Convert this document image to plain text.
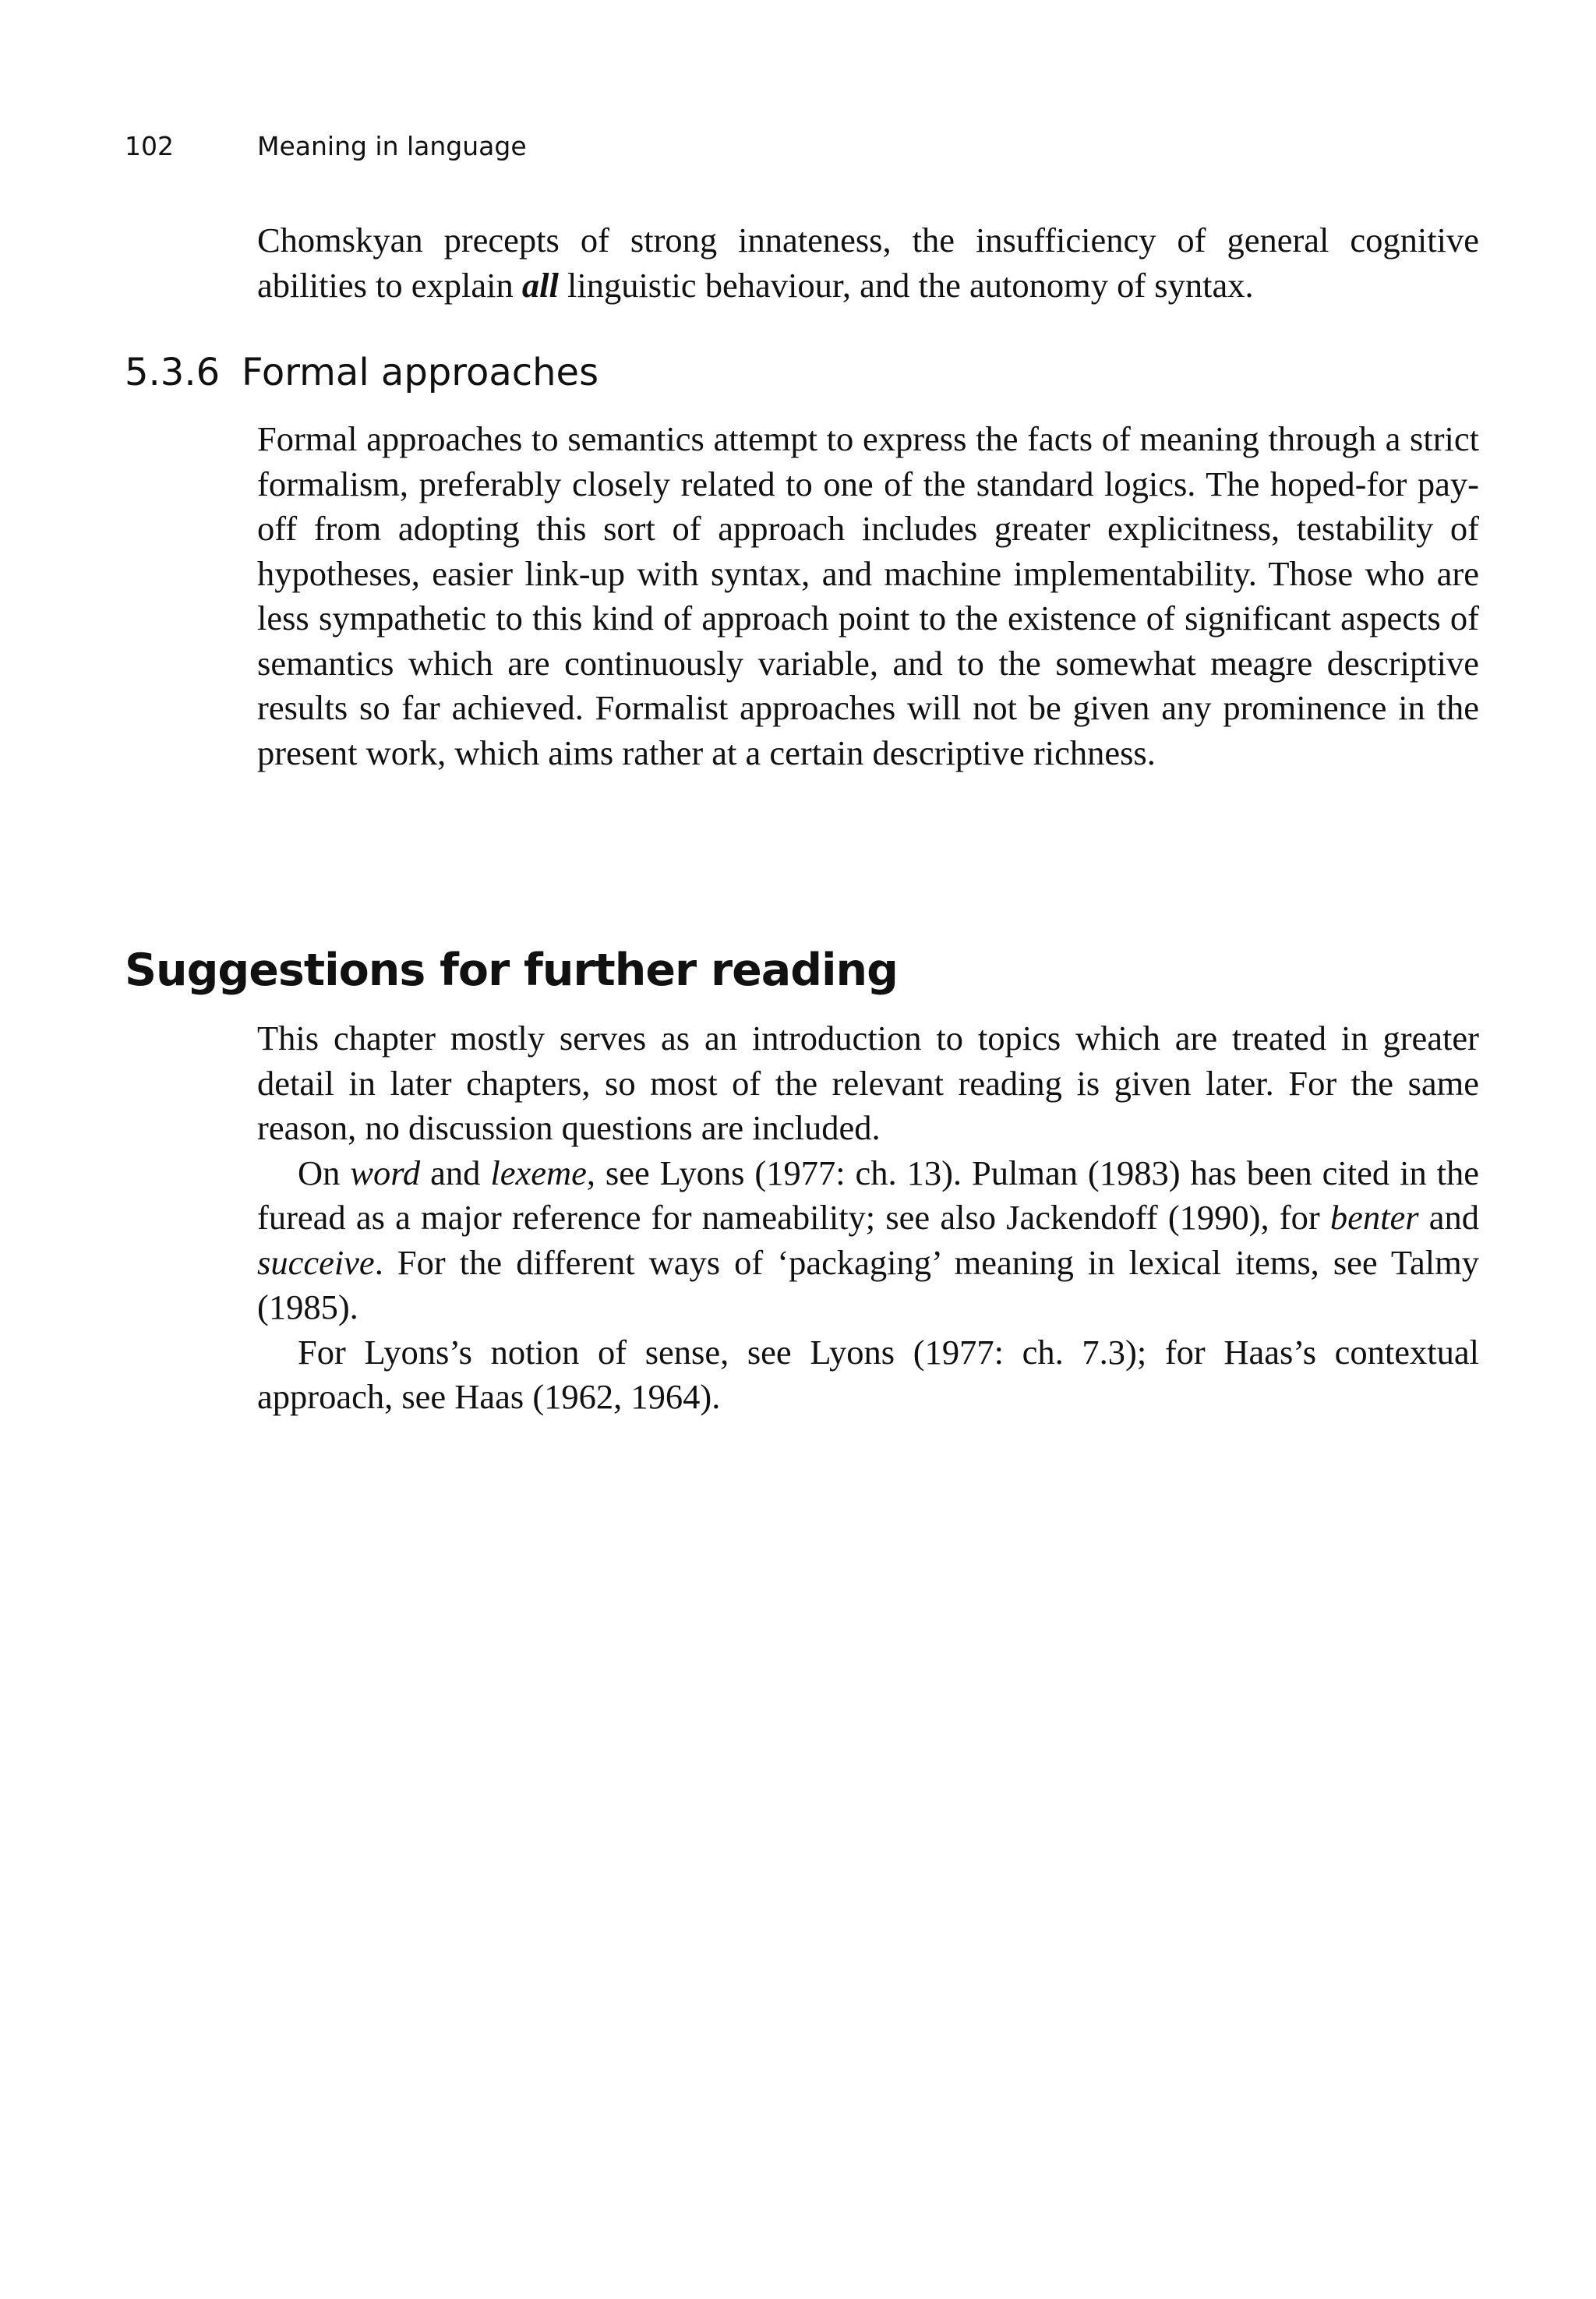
102	Meaning in language

Chomskyan precepts of strong innateness, the insufficiency of general cognitive abilities to explain all linguistic behaviour, and the autonomy of syntax.

5.3.6 Formal approaches

Formal approaches to semantics attempt to express the facts of meaning through a strict formalism, preferably closely related to one of the standard logics. The hoped-for pay-off from adopting this sort of approach includes greater explicitness, testability of hypotheses, easier link-up with syntax, and machine implementability. Those who are less sympathetic to this kind of approach point to the existence of significant aspects of semantics which are continuously variable, and to the somewhat meagre descriptive results so far achieved. Formalist approaches will not be given any prominence in the present work, which aims rather at a certain descriptive richness.

Suggestions for further reading

This chapter mostly serves as an introduction to topics which are treated in greater detail in later chapters, so most of the relevant reading is given later. For the same reason, no discussion questions are included.

On word and lexeme, see Lyons (1977: ch. 13). Pulman (1983) has been cited in the furead as a major reference for nameability; see also Jackendoff (1990), for benter and succeive. For the different ways of ‘packaging’ meaning in lexical items, see Talmy (1985).

For Lyons’s notion of sense, see Lyons (1977: ch. 7.3); for Haas’s contextual approach, see Haas (1962, 1964).
